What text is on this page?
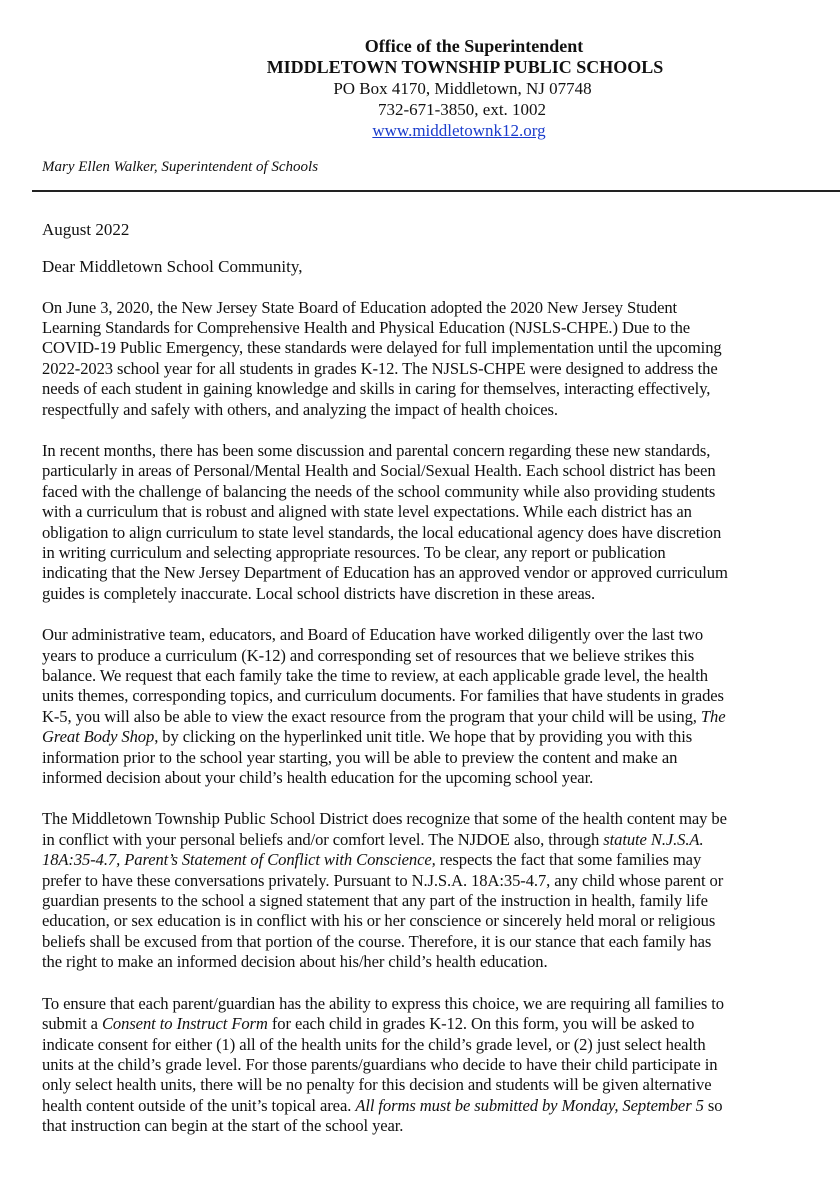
Office of the Superintendent
MIDDLETOWN TOWNSHIP PUBLIC SCHOOLS
PO Box 4170, Middletown, NJ 07748
732-671-3850, ext. 1002
www.middletownk12.org
Mary Ellen Walker, Superintendent of Schools
August 2022
Dear Middletown School Community,
On June 3, 2020, the New Jersey State Board of Education adopted the 2020 New Jersey Student
Learning Standards for Comprehensive Health and Physical Education (NJSLS-CHPE.) Due to the
COVID-19 Public Emergency, these standards were delayed for full implementation until the upcoming
2022-2023 school year for all students in grades K-12. The NJSLS-CHPE were designed to address the
needs of each student in gaining knowledge and skills in caring for themselves, interacting effectively,
respectfully and safely with others, and analyzing the impact of health choices.
In recent months, there has been some discussion and parental concern regarding these new standards,
particularly in areas of Personal/Mental Health and Social/Sexual Health. Each school district has been
faced with the challenge of balancing the needs of the school community while also providing students
with a curriculum that is robust and aligned with state level expectations. While each district has an
obligation to align curriculum to state level standards, the local educational agency does have discretion
in writing curriculum and selecting appropriate resources. To be clear, any report or publication
indicating that the New Jersey Department of Education has an approved vendor or approved curriculum
guides is completely inaccurate. Local school districts have discretion in these areas.
Our administrative team, educators, and Board of Education have worked diligently over the last two
years to produce a curriculum (K-12) and corresponding set of resources that we believe strikes this
balance. We request that each family take the time to review, at each applicable grade level, the health
units themes, corresponding topics, and curriculum documents. For families that have students in grades
K-5, you will also be able to view the exact resource from the program that your child will be using, The
Great Body Shop, by clicking on the hyperlinked unit title. We hope that by providing you with this
information prior to the school year starting, you will be able to preview the content and make an
informed decision about your child’s health education for the upcoming school year.
The Middletown Township Public School District does recognize that some of the health content may be
in conflict with your personal beliefs and/or comfort level. The NJDOE also, through statute N.J.S.A.
18A:35-4.7, Parent’s Statement of Conflict with Conscience, respects the fact that some families may
prefer to have these conversations privately. Pursuant to N.J.S.A. 18A:35-4.7, any child whose parent or
guardian presents to the school a signed statement that any part of the instruction in health, family life
education, or sex education is in conflict with his or her conscience or sincerely held moral or religious
beliefs shall be excused from that portion of the course. Therefore, it is our stance that each family has
the right to make an informed decision about his/her child’s health education.
To ensure that each parent/guardian has the ability to express this choice, we are requiring all families to
submit a Consent to Instruct Form for each child in grades K-12. On this form, you will be asked to
indicate consent for either (1) all of the health units for the child’s grade level, or (2) just select health
units at the child’s grade level. For those parents/guardians who decide to have their child participate in
only select health units, there will be no penalty for this decision and students will be given alternative
health content outside of the unit’s topical area. All forms must be submitted by Monday, September 5 so
that instruction can begin at the start of the school year.
